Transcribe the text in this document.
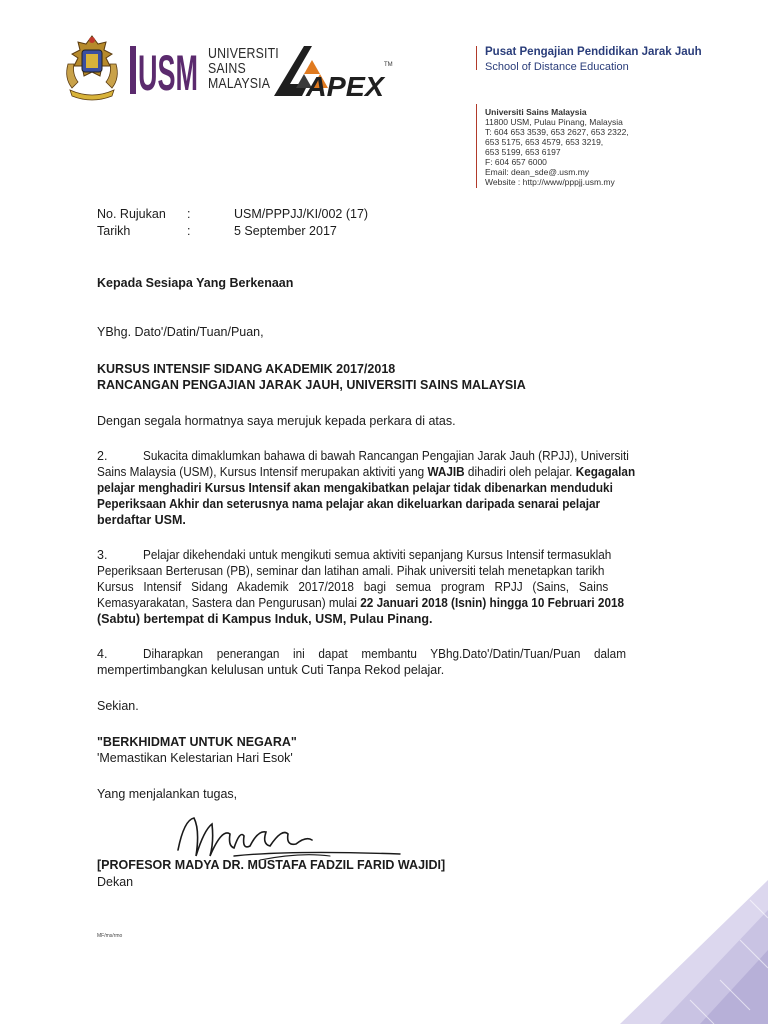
USM UNIVERSITI
SAINS
MALAYSIA APEX
TM
Pusat Pengajian Pendidikan Jarak Jauh
School of Distance Education
Universiti Sains Malaysia
11800 USM, Pulau Pinang, Malaysia
T: 604 653 3539, 653 2627, 653 2322,
653 5175, 653 4579, 653 3219,
653 5199, 653 6197
F: 604 657 6000
Email: dean_sde@.usm.my
Website : http://www/pppjj.usm.my
No. Rujukan :	USM/PPPJJ/KI/002 (17)
Tarikh	:	5 September 2017
Kepada Sesiapa Yang Berkenaan
YBhg. Dato'/Datin/Tuan/Puan,
KURSUS INTENSIF SIDANG AKADEMIK 2017/2018
RANCANGAN PENGAJIAN JARAK JAUH, UNIVERSITI SAINS MALAYSIA
Dengan segala hormatnya saya merujuk kepada perkara di atas.
2.	Sukacita dimaklumkan bahawa di bawah Rancangan Pengajian Jarak Jauh (RPJJ), Universiti
Sains Malaysia (USM), Kursus Intensif merupakan aktiviti yang WAJIB dihadiri oleh pelajar. Kegagalan
pelajar menghadiri Kursus Intensif akan mengakibatkan pelajar tidak dibenarkan menduduki
Peperiksaan Akhir dan seterusnya nama pelajar akan dikeluarkan daripada senarai pelajar
berdaftar USM.
3.	Pelajar dikehendaki untuk mengikuti semua aktiviti sepanjang Kursus Intensif termasuklah
Peperiksaan Berterusan (PB), seminar dan latihan amali. Pihak universiti telah menetapkan tarikh
Kursus Intensif Sidang Akademik 2017/2018 bagi semua program RPJJ (Sains, Sains
Kemasyarakatan, Sastera dan Pengurusan) mulai 22 Januari 2018 (Isnin) hingga 10 Februari 2018
(Sabtu) bertempat di Kampus Induk, USM, Pulau Pinang.
4.	Diharapkan penerangan ini dapat membantu YBhg.Dato'/Datin/Tuan/Puan dalam
mempertimbangkan kelulusan untuk Cuti Tanpa Rekod pelajar.
Sekian.
"BERKHIDMAT UNTUK NEGARA"
'Memastikan Kelestarian Hari Esok'
Yang menjalankan tugas,
[PROFESOR MADYA DR. MUSTAFA FADZIL FARID WAJIDI]
Dekan
MF/ms/rmo
